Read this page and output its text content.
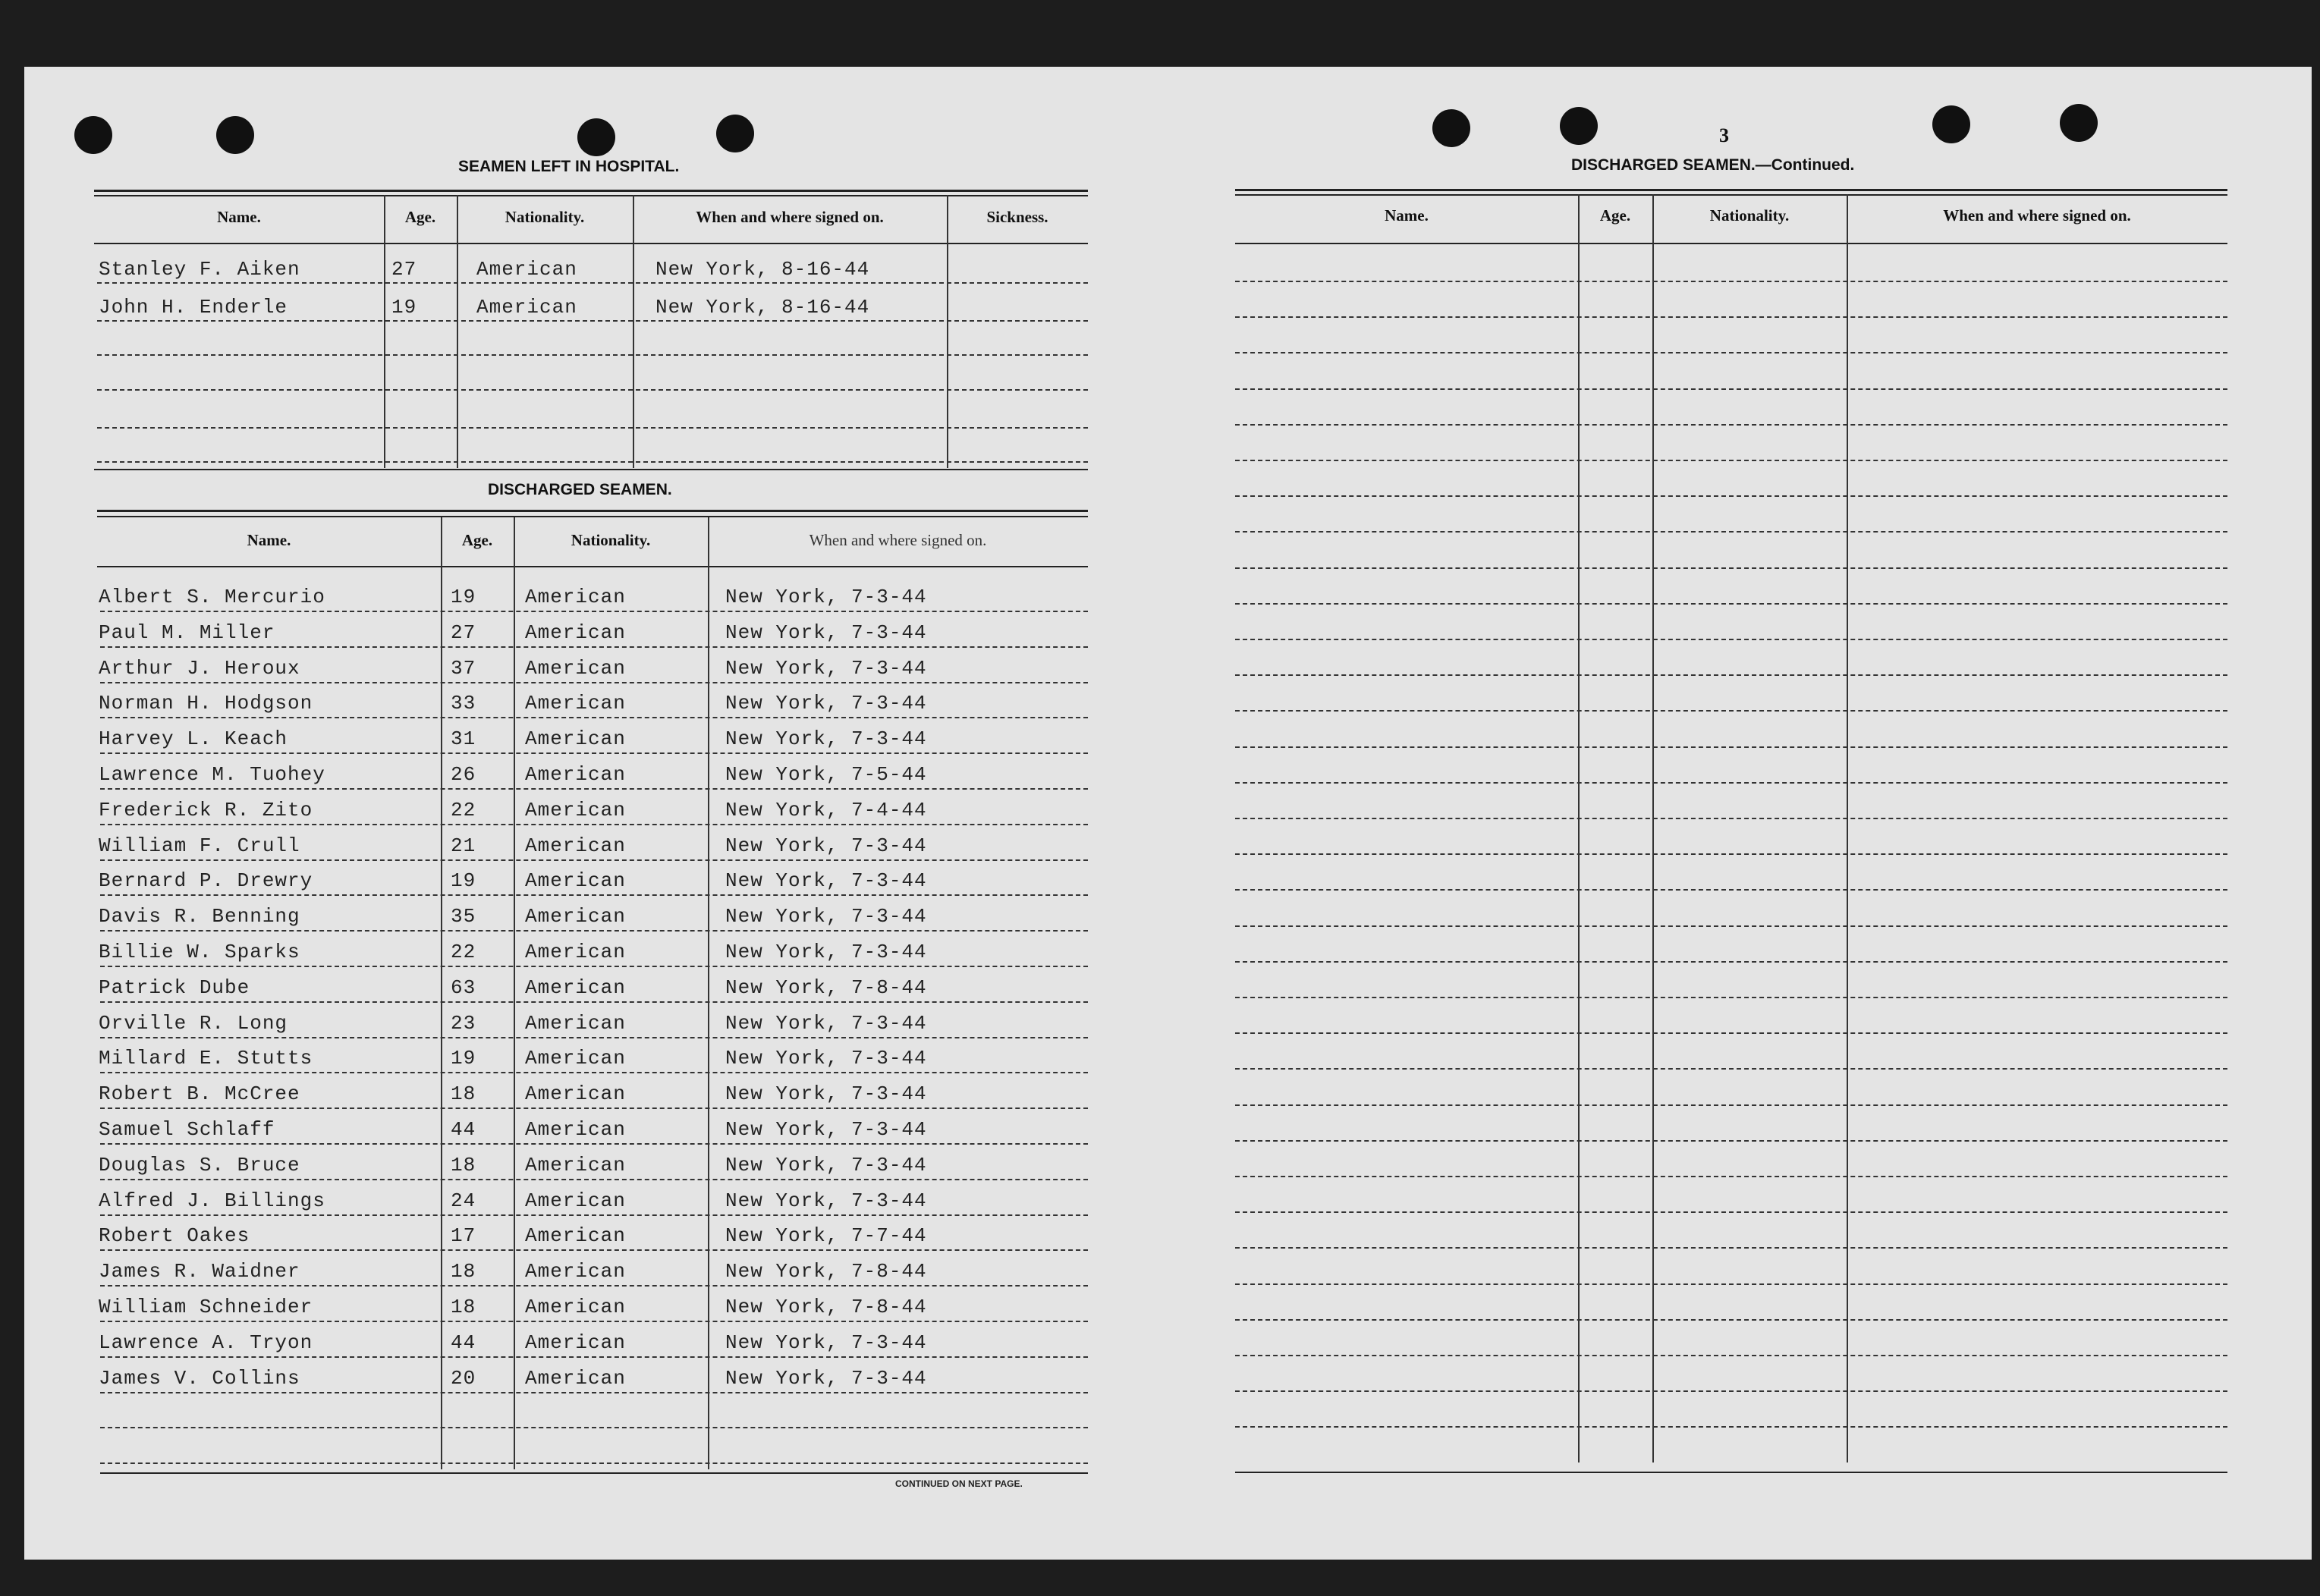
SEAMEN LEFT IN HOSPITAL.
Name.	Age.	Nationality.	When and where signed on.	Sickness.
Stanley F. Aiken	27	American	New York, 8-16-44
John H. Enderle	19	American	New York, 8-16-44
DISCHARGED SEAMEN.
Name.	Age.	Nationality.	When and where signed on.
Albert S. Mercurio	19 American	New York, 7-3-44
Paul M. Miller	27 American	New York, 7-3-44
Arthur J. Heroux	37 American	New York, 7-3-44
Norman H. Hodgson	33 American	New York, 7-3-44
Harvey L. Keach	31 American	New York, 7-3-44
Lawrence M. Tuohey	26 American	New York, 7-5-44
Frederick R. Zito	22 American	New York, 7-4-44
William F. Crull	21 American	New York, 7-3-44
Bernard P. Drewry	19 American	New York, 7-3-44
Davis R. Benning	35 American	New York, 7-3-44
Billie W. Sparks	22 American	New York, 7-3-44
Patrick Dube	63 American	New York, 7-8-44
Orville R. Long	23 American	New York, 7-3-44
Millard E. Stutts	19 American	New York, 7-3-44
Robert B. McCree	18 American	New York, 7-3-44
Samuel Schlaff	44 American	New York, 7-3-44
Douglas S. Bruce	18 American	New York, 7-3-44
Alfred J. Billings	24 American	New York, 7-3-44
Robert Oakes	17 American	New York, 7-7-44
James R. Waidner	18 American	New York, 7-8-44
William Schneider	18 American	New York, 7-8-44
Lawrence A. Tryon	44 American	New York, 7-3-44
James V. Collins	20 American	New York, 7-3-44
CONTINUED ON NEXT PAGE.
3
DISCHARGED SEAMEN.—Continued.
Name.	Age.	Nationality.	When and where signed on.
